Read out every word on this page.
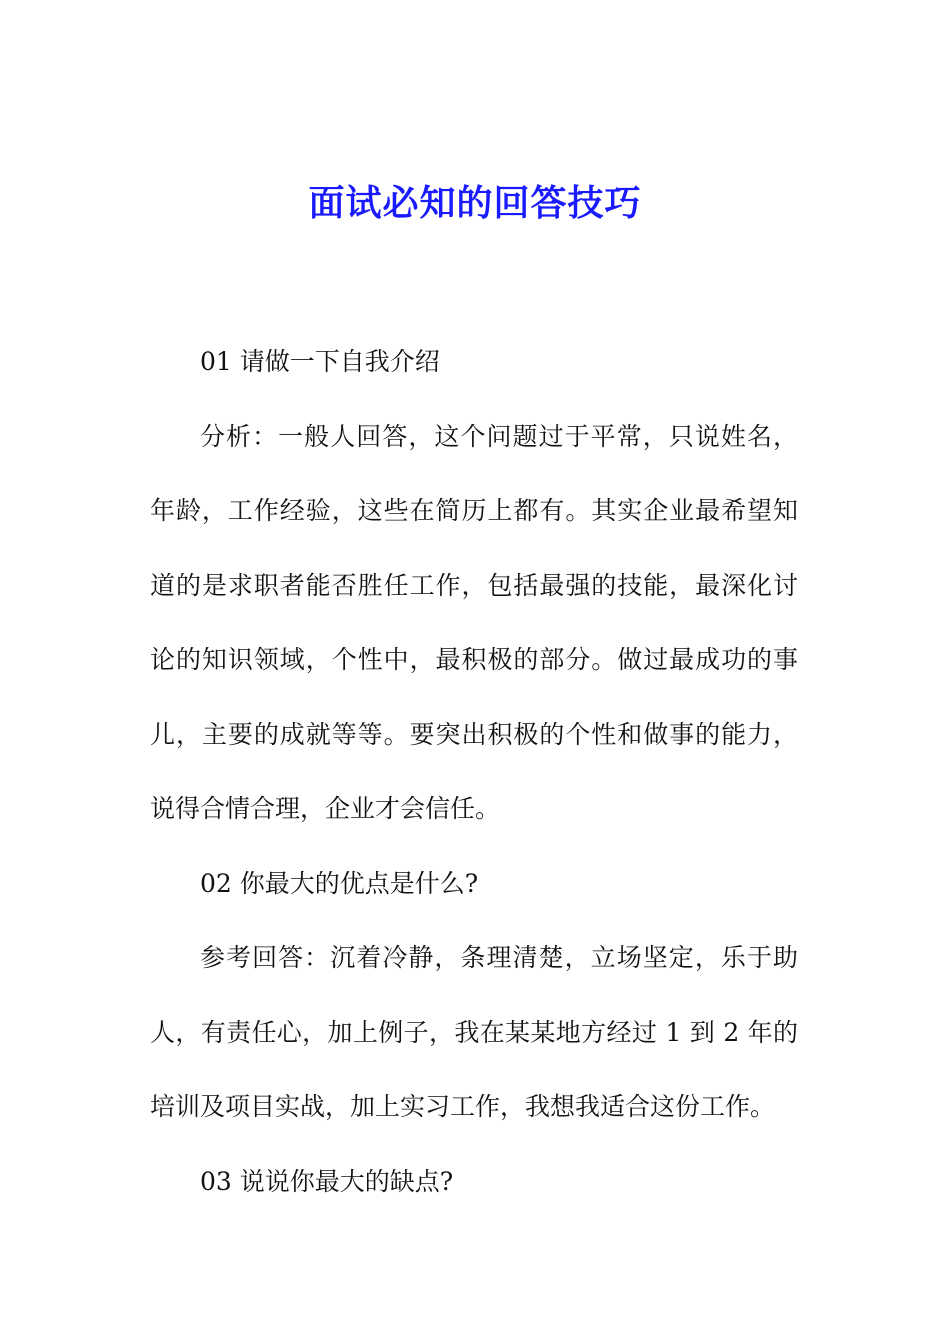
面试必知的回答技巧

01 请做一下自我介绍

分析：一般人回答，这个问题过于平常，只说姓名，年龄，工作经验，这些在简历上都有。其实企业最希望知道的是求职者能否胜任工作，包括最强的技能，最深化讨论的知识领域，个性中，最积极的部分。做过最成功的事儿，主要的成就等等。要突出积极的个性和做事的能力，说得合情合理，企业才会信任。

02 你最大的优点是什么?

参考回答：沉着冷静，条理清楚，立场坚定，乐于助人，有责任心，加上例子，我在某某地方经过 1 到 2 年的培训及项目实战，加上实习工作，我想我适合这份工作。

03 说说你最大的缺点?
